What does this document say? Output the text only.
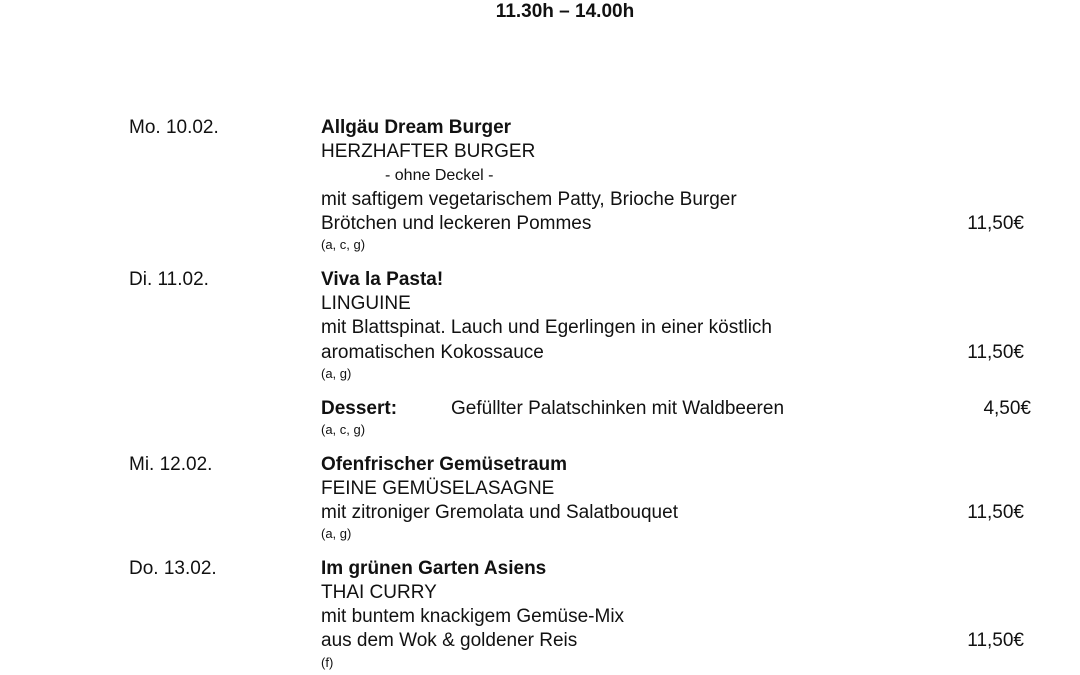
11.30h – 14.00h
Mo. 10.02.	Allgäu Dream Burger
HERZHAFTER BURGER
- ohne Deckel -
mit saftigem vegetarischem Patty, Brioche Burger
Brötchen und leckeren Pommes	11,50€
(a, c, g)
Di. 11.02.	Viva la Pasta!
LINGUINE
mit Blattspinat. Lauch und Egerlingen in einer köstlich
aromatischen Kokossauce	11,50€
(a, g)
Dessert:	Gefüllter Palatschinken mit Waldbeeren	4,50€
(a, c, g)
Mi. 12.02.	Ofenfrischer Gemüsetraum
FEINE GEMÜSELASAGNE
mit zitroniger Gremolata und Salatbouquet	11,50€
(a, g)
Do. 13.02.	Im grünen Garten Asiens
THAI CURRY
mit buntem knackigem Gemüse-Mix
aus dem Wok & goldener Reis	11,50€
(f)
